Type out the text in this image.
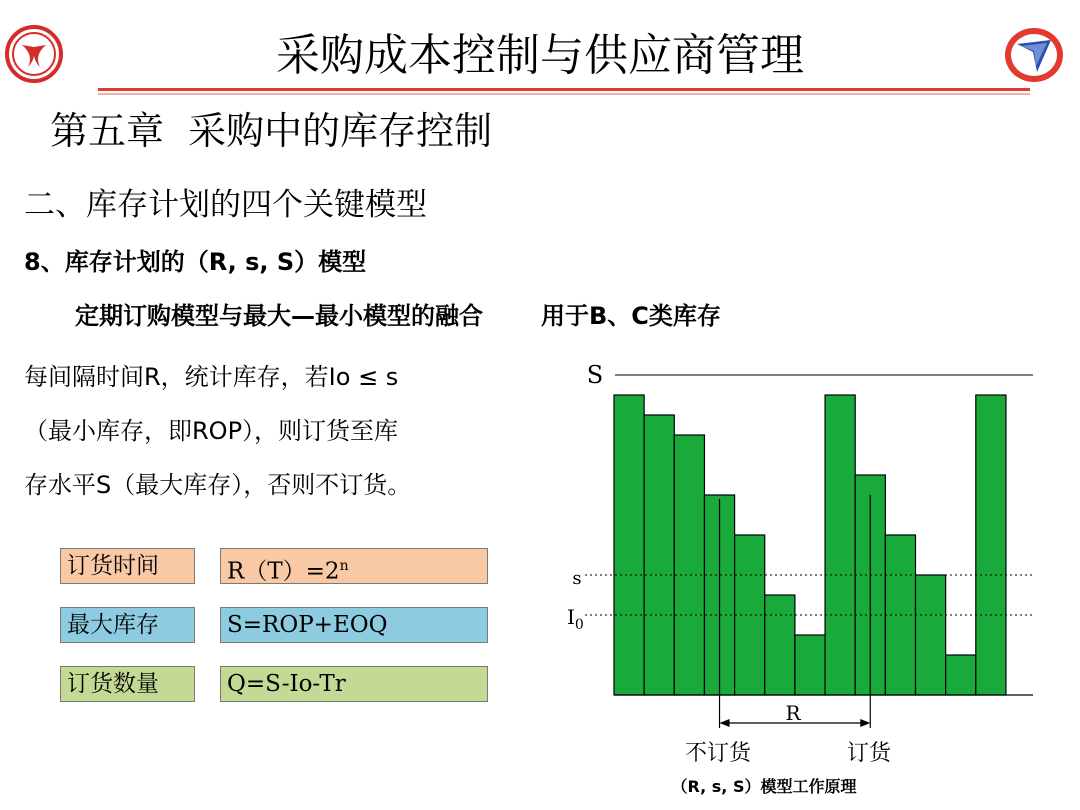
采购成本控制与供应商管理
第五章  采购中的库存控制
二、库存计划的四个关键模型
8、库存计划的（R, s, S）模型
定期订购模型与最大—最小模型的融合 用于B、C类库存
每间隔时间R，统计库存，若Io ≤ s
（最小库存，即ROP），则订货至库
存水平S（最大库存），否则不订货。
订货时间	$R(T)=2^n$
最大库存	S=ROP+EOQ
订货数量	Q=S-Io-Tr
S
s
$I_0$
R
不订货	订货
（R, s, S）模型工作原理
